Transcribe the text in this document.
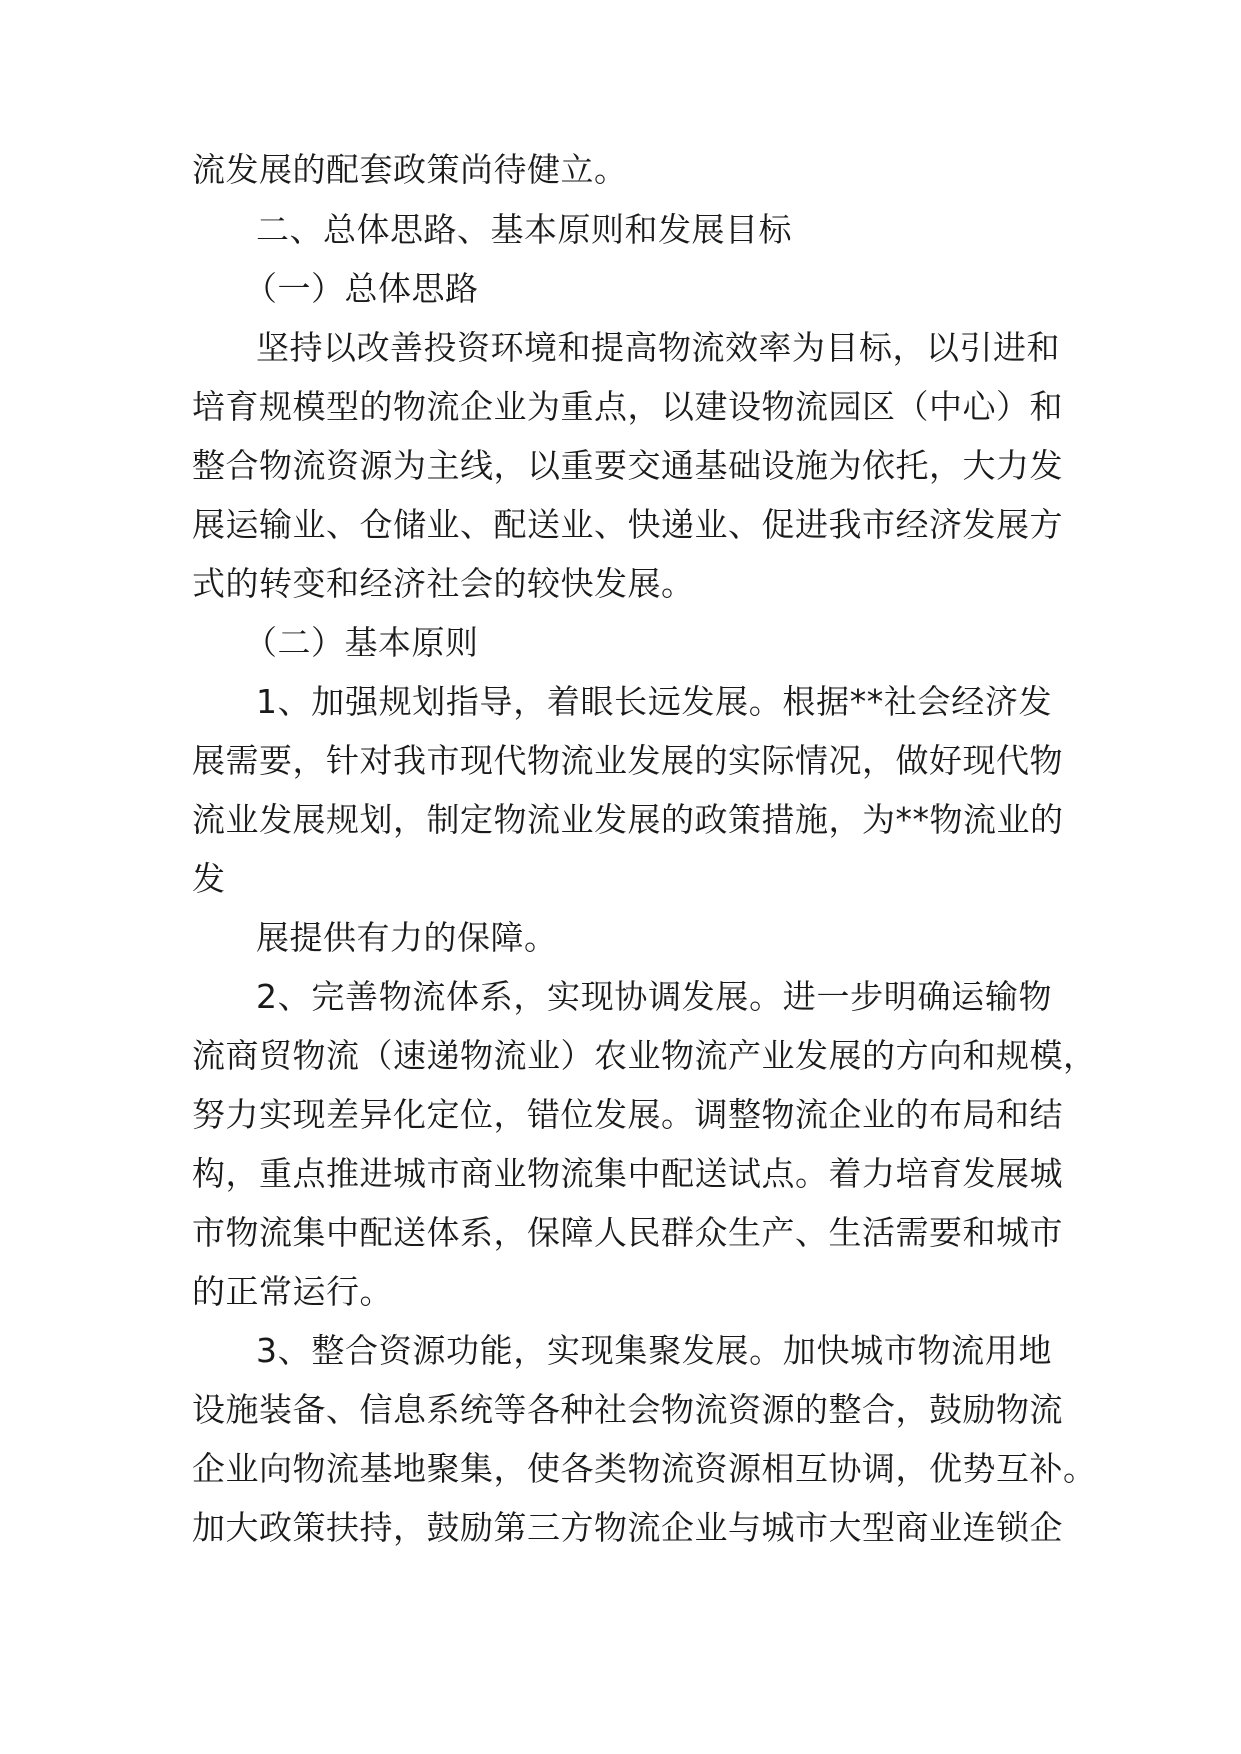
流发展的配套政策尚待健立。
二、总体思路、基本原则和发展目标
（一）总体思路
坚持以改善投资环境和提高物流效率为目标，以引进和
培育规模型的物流企业为重点，以建设物流园区（中心）和
整合物流资源为主线，以重要交通基础设施为依托，大力发
展运输业、仓储业、配送业、快递业、促进我市经济发展方
式的转变和经济社会的较快发展。
（二）基本原则
1、加强规划指导，着眼长远发展。根据**社会经济发
展需要，针对我市现代物流业发展的实际情况，做好现代物
流业发展规划，制定物流业发展的政策措施，为**物流业的
发
展提供有力的保障。
2、完善物流体系，实现协调发展。进一步明确运输物
流商贸物流（速递物流业）农业物流产业发展的方向和规模，
努力实现差异化定位，错位发展。调整物流企业的布局和结
构，重点推进城市商业物流集中配送试点。着力培育发展城
市物流集中配送体系，保障人民群众生产、生活需要和城市
的正常运行。
3、整合资源功能，实现集聚发展。加快城市物流用地
设施装备、信息系统等各种社会物流资源的整合，鼓励物流
企业向物流基地聚集，使各类物流资源相互协调，优势互补。
加大政策扶持，鼓励第三方物流企业与城市大型商业连锁企
